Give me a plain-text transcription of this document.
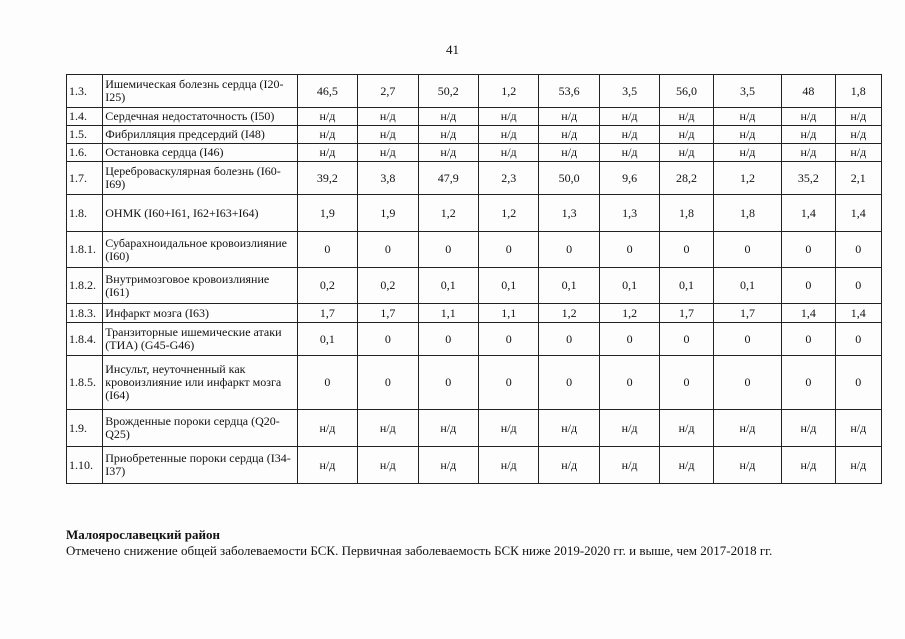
41
1.3.	Ишемическая болезнь сердца (I20-I25)	46,5	2,7	50,2	1,2	53,6	3,5	56,0	3,5	48	1,8
1.4.	Сердечная недостаточность (I50)	н/д	н/д	н/д	н/д	н/д	н/д	н/д	н/д	н/д	н/д
1.5.	Фибрилляция предсердий (I48)	н/д	н/д	н/д	н/д	н/д	н/д	н/д	н/д	н/д	н/д
1.6.	Остановка сердца (I46)	н/д	н/д	н/д	н/д	н/д	н/д	н/д	н/д	н/д	н/д
1.7.	Цереброваскулярная болезнь (I60-I69)	39,2	3,8	47,9	2,3	50,0	9,6	28,2	1,2	35,2	2,1
1.8.	ОНМК (I60+I61, I62+I63+I64)	1,9	1,9	1,2	1,2	1,3	1,3	1,8	1,8	1,4	1,4
1.8.1.	Субарахноидальное кровоизлияние (I60)	0	0	0	0	0	0	0	0	0	0
1.8.2.	Внутримозговое кровоизлияние (I61)	0,2	0,2	0,1	0,1	0,1	0,1	0,1	0,1	0	0
1.8.3.	Инфаркт мозга (I63)	1,7	1,7	1,1	1,1	1,2	1,2	1,7	1,7	1,4	1,4
1.8.4.	Транзиторные ишемические атаки (ТИА) (G45-G46)	0,1	0	0	0	0	0	0	0	0	0
1.8.5.	Инсульт, неуточненный как кровоизлияние или инфаркт мозга (I64)	0	0	0	0	0	0	0	0	0	0
1.9.	Врожденные пороки сердца (Q20-Q25)	н/д	н/д	н/д	н/д	н/д	н/д	н/д	н/д	н/д	н/д
1.10.	Приобретенные пороки сердца (I34-I37)	н/д	н/д	н/д	н/д	н/д	н/д	н/д	н/д	н/д	н/д
Малоярославецкий район
Отмечено снижение общей заболеваемости БСК. Первичная заболеваемость БСК ниже 2019-2020 гг. и выше, чем 2017-2018 гг.
